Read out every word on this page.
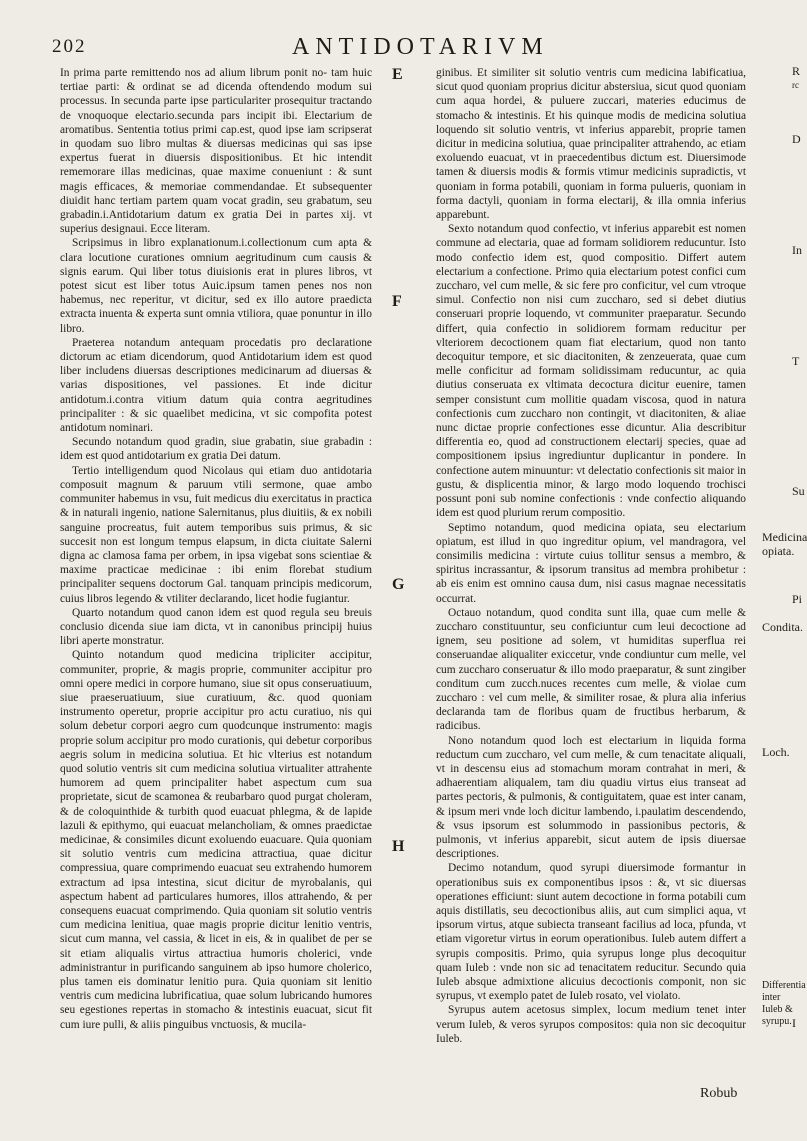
202	ANTIDOTARIVM

In prima parte remittendo nos ad alium librum ponit no- tam huic tertiae parti: & ordinat se ad dicenda oftendendo modum sui processus. In secunda parte ipse particulariter prosequitur tractando de vnoquoque electario.secunda pars incipit ibi. Electarium de aromatibus. Sententia totius primi cap.est, quod ipse iam scripserat in quodam suo libro multas & diuersas medicinas qui sas ipse expertus fuerat in diuersis dispositionibus. Et hic intendit rememorare illas medicinas, quae maxime conueniunt : & sunt magis efficaces, & memoriae commendandae. Et subsequenter diuidit hanc tertiam partem quam vocat gradin, seu grabatum, seu grabadin.i.Antidotarium datum ex gratia Dei in partes xij. vt superius designaui. Ecce literam.

Scripsimus in libro explanationum.i.collectionum cum apta & clara locutione curationes omnium aegritudinum cum causis & signis earum. Qui liber totus diuisionis erat in plures libros, vt potest sicut est liber totus Auic.ipsum tamen penes nos non habemus, nec reperitur, vt dicitur, sed ex illo autore praedicta extracta inuenta & experta sunt omnia vtiliora, quae ponuntur in illo libro.

Praeterea notandum antequam procedatis pro declaratione dictorum ac etiam dicendorum, quod Antidotarium idem est quod liber includens diuersas descriptiones medicinarum ad diuersas & varias dispositiones, vel passiones. Et inde dicitur antidotum.i.contra vitium datum quia contra aegritudines principaliter : & sic quaelibet medicina, vt sic compofita potest antidotum nominari.

Secundo notandum quod gradin, siue grabatin, siue grabadin : idem est quod antidotarium ex gratia Dei datum.

Tertio intelligendum quod Nicolaus qui etiam duo antidotaria composuit magnum & paruum vtili sermone, quae ambo communiter habemus in vsu, fuit medicus diu exercitatus in practica & in naturali ingenio, natione Salernitanus, plus diuitiis, & ex nobili sanguine procreatus, fuit autem temporibus suis primus, & sic succesit non est longum tempus elapsum, in dicta ciuitate Salerni digna ac clamosa fama per orbem, in ipsa vigebat sons scientiae & maxime practicae medicinae : ibi enim florebat studium principaliter sequens doctorum Gal. tanquam principis medicorum, cuius libros legendo & vtiliter declarando, licet hodie fugiantur.

Quarto notandum quod canon idem est quod regula seu breuis conclusio dicenda siue iam dicta, vt in canonibus principij huius libri aperte monstratur.

Quinto notandum quod medicina tripliciter accipitur, communiter, proprie, & magis proprie, communiter accipitur pro omni opere medici in corpore humano, siue sit opus conseruatiuum, siue praeseruatiuum, siue curatiuum, &c. quod quoniam instrumento operetur, proprie accipitur pro actu curatiuo, nis qui solum debetur corpori aegro cum quodcunque instrumento: magis proprie solum accipitur pro modo curationis, qui debetur corporibus aegris solum in medicina solutiua. Et hic vlterius est notandum quod solutio ventris sit cum medicina solutiua virtualiter attrahente humorem ad quem principaliter habet aspectum cum sua proprietate, sicut de scamonea & reubarbaro quod purgat choleram, & de coloquinthide & turbith quod euacuat phlegma, & de lapide lazuli & epithymo, qui euacuat melancholiam, & omnes praedictae medicinae, & consimiles dicunt exoluendo euacuare. Quia quoniam sit solutio ventris cum medicina attractiua, quae dicitur compressiua, quare comprimendo euacuat seu extrahendo humorem extractum ad ipsa intestina, sicut dicitur de myrobalanis, qui aspectum habent ad particulares humores, illos attrahendo, & per consequens euacuat comprimendo. Quia quoniam sit solutio ventris cum medicina lenitiua, quae magis proprie dicitur lenitio ventris, sicut cum manna, vel cassia, & licet in eis, & in qualibet de per se sit etiam aliqualis virtus attractiua humoris cholerici, vnde administrantur in purificando sanguinem ab ipso humore cholerico, plus tamen eis dominatur lenitio pura. Quia quoniam sit lenitio ventris cum medicina lubrificatiua, quae solum lubricando humores seu egestiones repertas in stomacho & intestinis euacuat, sicut fit cum iure pulli, & aliis pinguibus vnctuosis, & mucila-

E
F
G
H

ginibus. Et similiter sit solutio ventris cum medicina labificatiua, sicut quod quoniam proprius dicitur abstersiua, sicut quod quoniam cum aqua hordei, & puluere zuccari, materies educimus de stomacho & intestinis. Et his quinque modis de medicina solutiua loquendo sit solutio ventris, vt inferius apparebit, proprie tamen dicitur in medicina solutiua, quae principaliter attrahendo, ac etiam exoluendo euacuat, vt in praecedentibus dictum est. Diuersimode tamen & diuersis modis & formis vtimur medicinis supradictis, vt quoniam in forma potabili, quoniam in forma pulueris, quoniam in forma dactyli, quoniam in forma electarij, & illa omnia inferius apparebunt.

Sexto notandum quod confectio, vt inferius apparebit est nomen commune ad electaria, quae ad formam solidiorem reducuntur. Isto modo confectio idem est, quod compositio. Differt autem electarium a confectione. Primo quia electarium potest confici cum zuccharo, vel cum melle, & sic fere pro conficitur, vel cum vtroque simul. Confectio non nisi cum zuccharo, sed si debet diutius conseruari proprie loquendo, vt communiter praeparatur. Secundo differt, quia confectio in solidiorem formam reducitur per vlteriorem decoctionem quam fiat electarium, quod non tanto decoquitur tempore, et sic diacitoniten, & zenzeuerata, quae cum melle conficitur ad formam solidissimam reducuntur, ac quia diutius conseruata ex vltimata decoctura dicitur euenire, tamen semper consistunt cum mollitie quadam viscosa, quod in natura confectionis cum zuccharo non contingit, vt diacitoniten, & aliae nunc dictae proprie confectiones esse dicuntur. Alia describitur differentia eo, quod ad constructionem electarij species, quae ad compositionem ipsius ingrediuntur duplicantur in pondere. In confectione autem minuuntur: vt delectatio confectionis sit maior in gustu, & displicentia minor, & largo modo loquendo trochisci possunt poni sub nomine confectionis : vnde confectio aliquando idem est quod plurium rerum compositio.

Septimo notandum, quod medicina opiata, seu electarium opiatum, est illud in quo ingreditur opium, vel mandragora, vel consimilis medicina : virtute cuius tollitur sensus a membro, & spiritus incrassantur, & ipsorum transitus ad membra prohibetur : ab eis enim est omnino causa dum, nisi casus magnae necessitatis occurrat.

Octauo notandum, quod condita sunt illa, quae cum melle & zuccharo constituuntur, seu conficiuntur cum leui decoctione ad ignem, seu positione ad solem, vt humiditas superflua rei conseruandae aliqualiter exiccetur, vnde condiuntur cum melle, vel cum zuccharo conseruatur & illo modo praeparatur, & sunt zingiber conditum cum zucch.nuces recentes cum melle, & violae cum zuccharo : vel cum melle, & similiter rosae, & plura alia inferius declaranda tam de floribus quam de fructibus herbarum, & radicibus.

Nono notandum quod loch est electarium in liquida forma reductum cum zuccharo, vel cum melle, & cum tenacitate aliquali, vt in descensu eius ad stomachum moram contrahat in meri, & adhaerentiam aliqualem, tam diu quadiu virtus eius transeat ad partes pectoris, & pulmonis, & contiguitatem, quae est inter canam, & ipsum meri vnde loch dicitur lambendo, i.paulatim descendendo, & vsus ipsorum est solummodo in passionibus pectoris, & pulmonis, vt inferius apparebit, sicut autem de ipsis diuersae descriptiones.

Decimo notandum, quod syrupi diuersimode formantur in operationibus suis ex componentibus ipsos : &, vt sic diuersas operationes efficiunt: siunt autem decoctione in forma potabili cum aquis distillatis, seu decoctionibus aliis, aut cum simplici aqua, vt ipsorum virtus, atque subiecta transeant facilius ad loca, pfunda, vt etiam vigoretur virtus in eorum operationibus. Iuleb autem differt a syrupis compositis. Primo, quia syrupus longe plus decoquitur quam Iuleb : vnde non sic ad tenacitatem reducitur. Secundo quia Iuleb absque admixtione alicuius decoctionis componit, non sic syrupus, vt exemplo patet de Iuleb rosato, vel violato.

Syrupus autem acetosus simplex, locum medium tenet inter verum Iuleb, & veros syrupos compositos: quia non sic decoquitur Iuleb.

Medicina opiata.
Condita.
Loch.
Differentia inter Iuleb & syrupu.
R
rc
D
In
T
Su
Pi
I
Robub
